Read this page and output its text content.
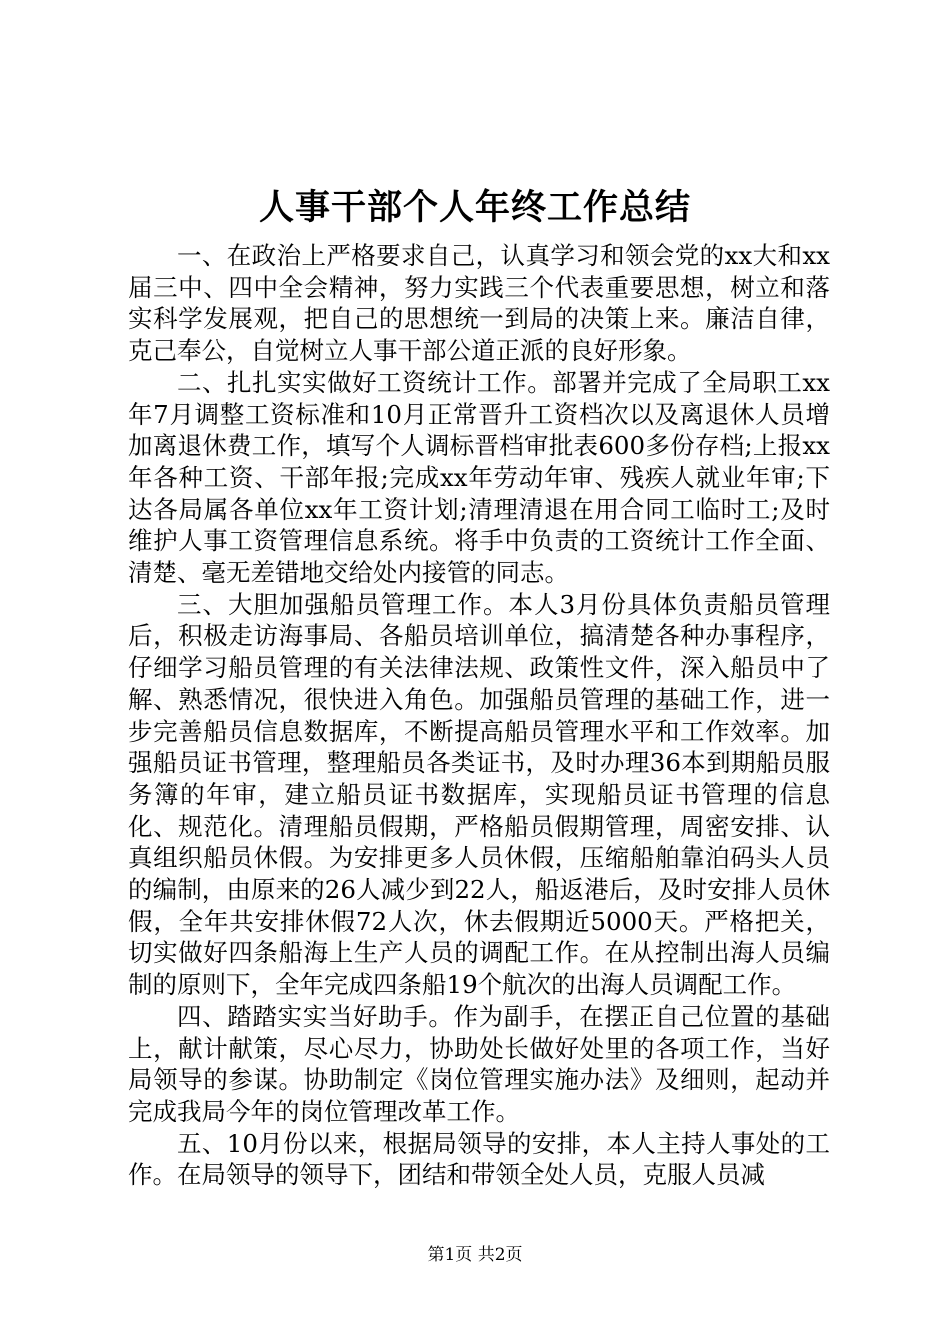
人事干部个人年终工作总结

一、在政治上严格要求自己，认真学习和领会党的xx大和xx届三中、四中全会精神，努力实践三个代表重要思想，树立和落实科学发展观，把自己的思想统一到局的决策上来。廉洁自律，克己奉公，自觉树立人事干部公道正派的良好形象。

二、扎扎实实做好工资统计工作。部署并完成了全局职工xx年7月调整工资标准和10月正常晋升工资档次以及离退休人员增加离退休费工作，填写个人调标晋档审批表600多份存档;上报xx年各种工资、干部年报;完成xx年劳动年审、残疾人就业年审;下达各局属各单位xx年工资计划;清理清退在用合同工临时工;及时维护人事工资管理信息系统。将手中负责的工资统计工作全面、清楚、毫无差错地交给处内接管的同志。

三、大胆加强船员管理工作。本人3月份具体负责船员管理后，积极走访海事局、各船员培训单位，搞清楚各种办事程序，仔细学习船员管理的有关法律法规、政策性文件，深入船员中了解、熟悉情况，很快进入角色。加强船员管理的基础工作，进一步完善船员信息数据库，不断提高船员管理水平和工作效率。加强船员证书管理，整理船员各类证书，及时办理36本到期船员服务簿的年审，建立船员证书数据库，实现船员证书管理的信息化、规范化。清理船员假期，严格船员假期管理，周密安排、认真组织船员休假。为安排更多人员休假，压缩船舶靠泊码头人员的编制，由原来的26人减少到22人，船返港后，及时安排人员休假，全年共安排休假72人次，休去假期近5000天。严格把关，切实做好四条船海上生产人员的调配工作。在从控制出海人员编制的原则下，全年完成四条船19个航次的出海人员调配工作。

四、踏踏实实当好助手。作为副手，在摆正自己位置的基础上，献计献策，尽心尽力，协助处长做好处里的各项工作，当好局领导的参谋。协助制定《岗位管理实施办法》及细则，起动并完成我局今年的岗位管理改革工作。

五、10月份以来，根据局领导的安排，本人主持人事处的工作。在局领导的领导下，团结和带领全处人员，克服人员减

第1页 共2页
